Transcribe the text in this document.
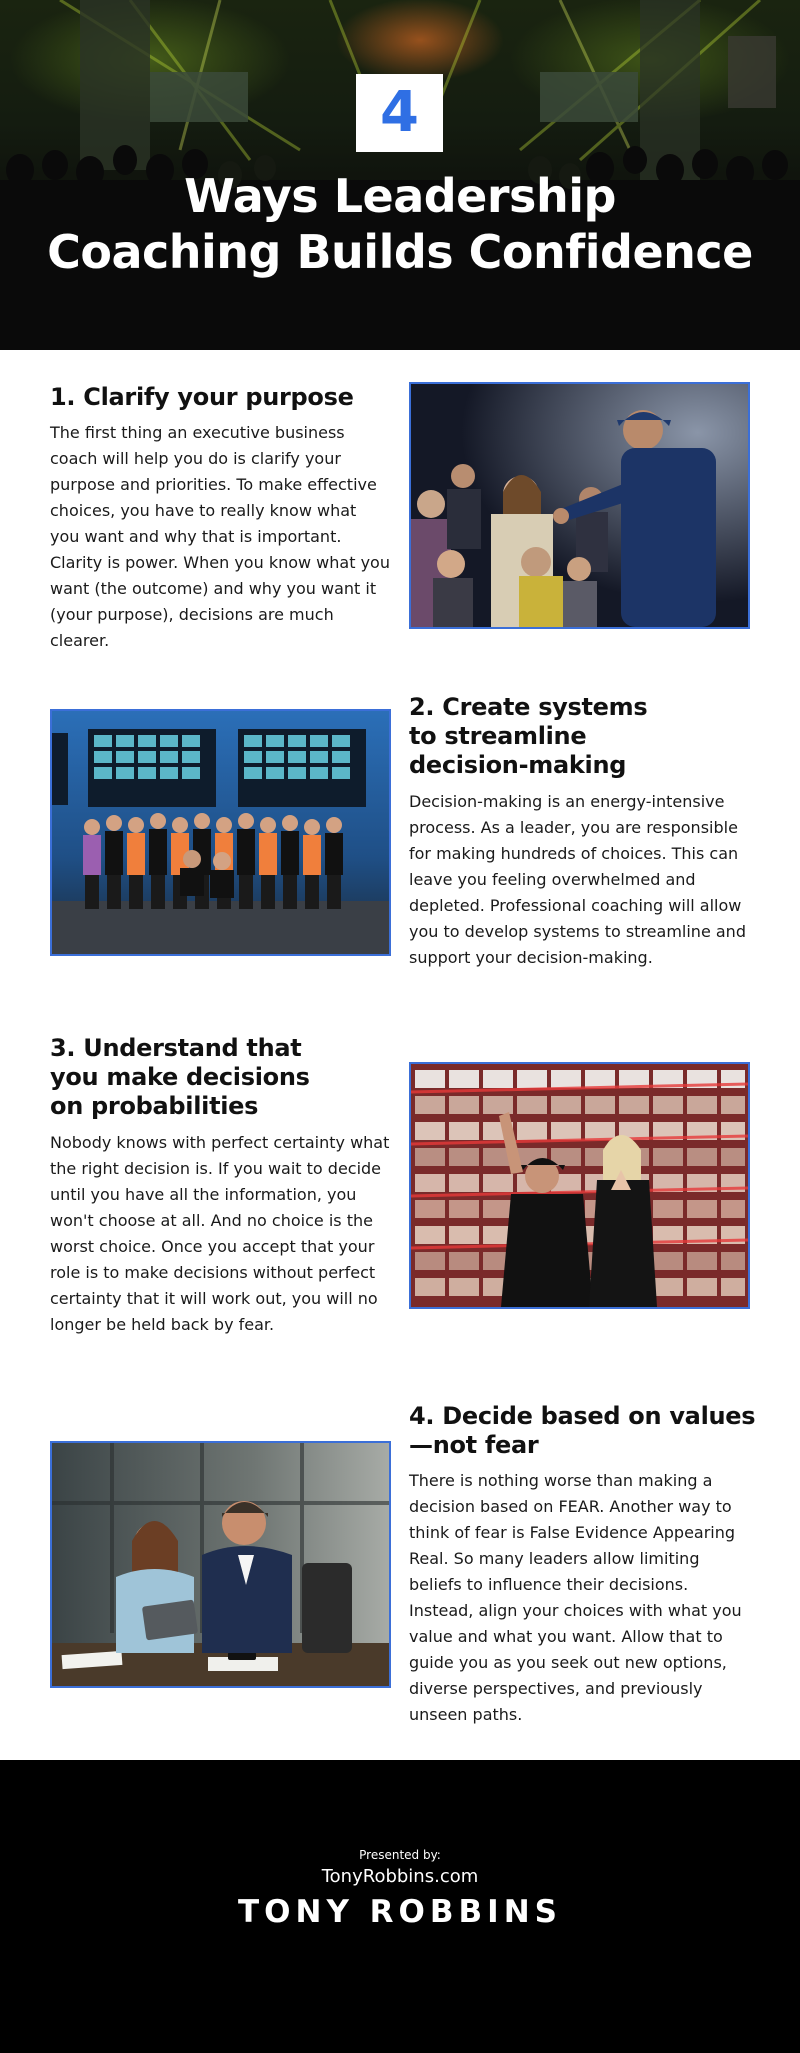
4
Ways Leadership
Coaching Builds Confidence
1. Clarify your purpose

The first thing an executive business coach will help you do is clarify your purpose and priorities. To make effective choices, you have to really know what you want and why that is important. Clarity is power. When you know what you want (the outcome) and why you want it (your purpose), decisions are much clearer.

2. Create systems
to streamline
decision-making

Decision-making is an energy-intensive process. As a leader, you are responsible for making hundreds of choices. This can leave you feeling overwhelmed and depleted. Professional coaching will allow you to develop systems to streamline and support your decision-making.

3. Understand that
you make decisions
on probabilities

Nobody knows with perfect certainty what the right decision is. If you wait to decide until you have all the information, you won't choose at all. And no choice is the worst choice. Once you accept that your role is to make decisions without perfect certainty that it will work out, you will no longer be held back by fear.

4. Decide based on values
—not fear

There is nothing worse than making a decision based on FEAR. Another way to think of fear is False Evidence Appearing Real. So many leaders allow limiting beliefs to influence their decisions. Instead, align your choices with what you value and what you want. Allow that to guide you as you seek out new options, diverse perspectives, and previously unseen paths.

Presented by:
TonyRobbins.com
TONY ROBBINS
